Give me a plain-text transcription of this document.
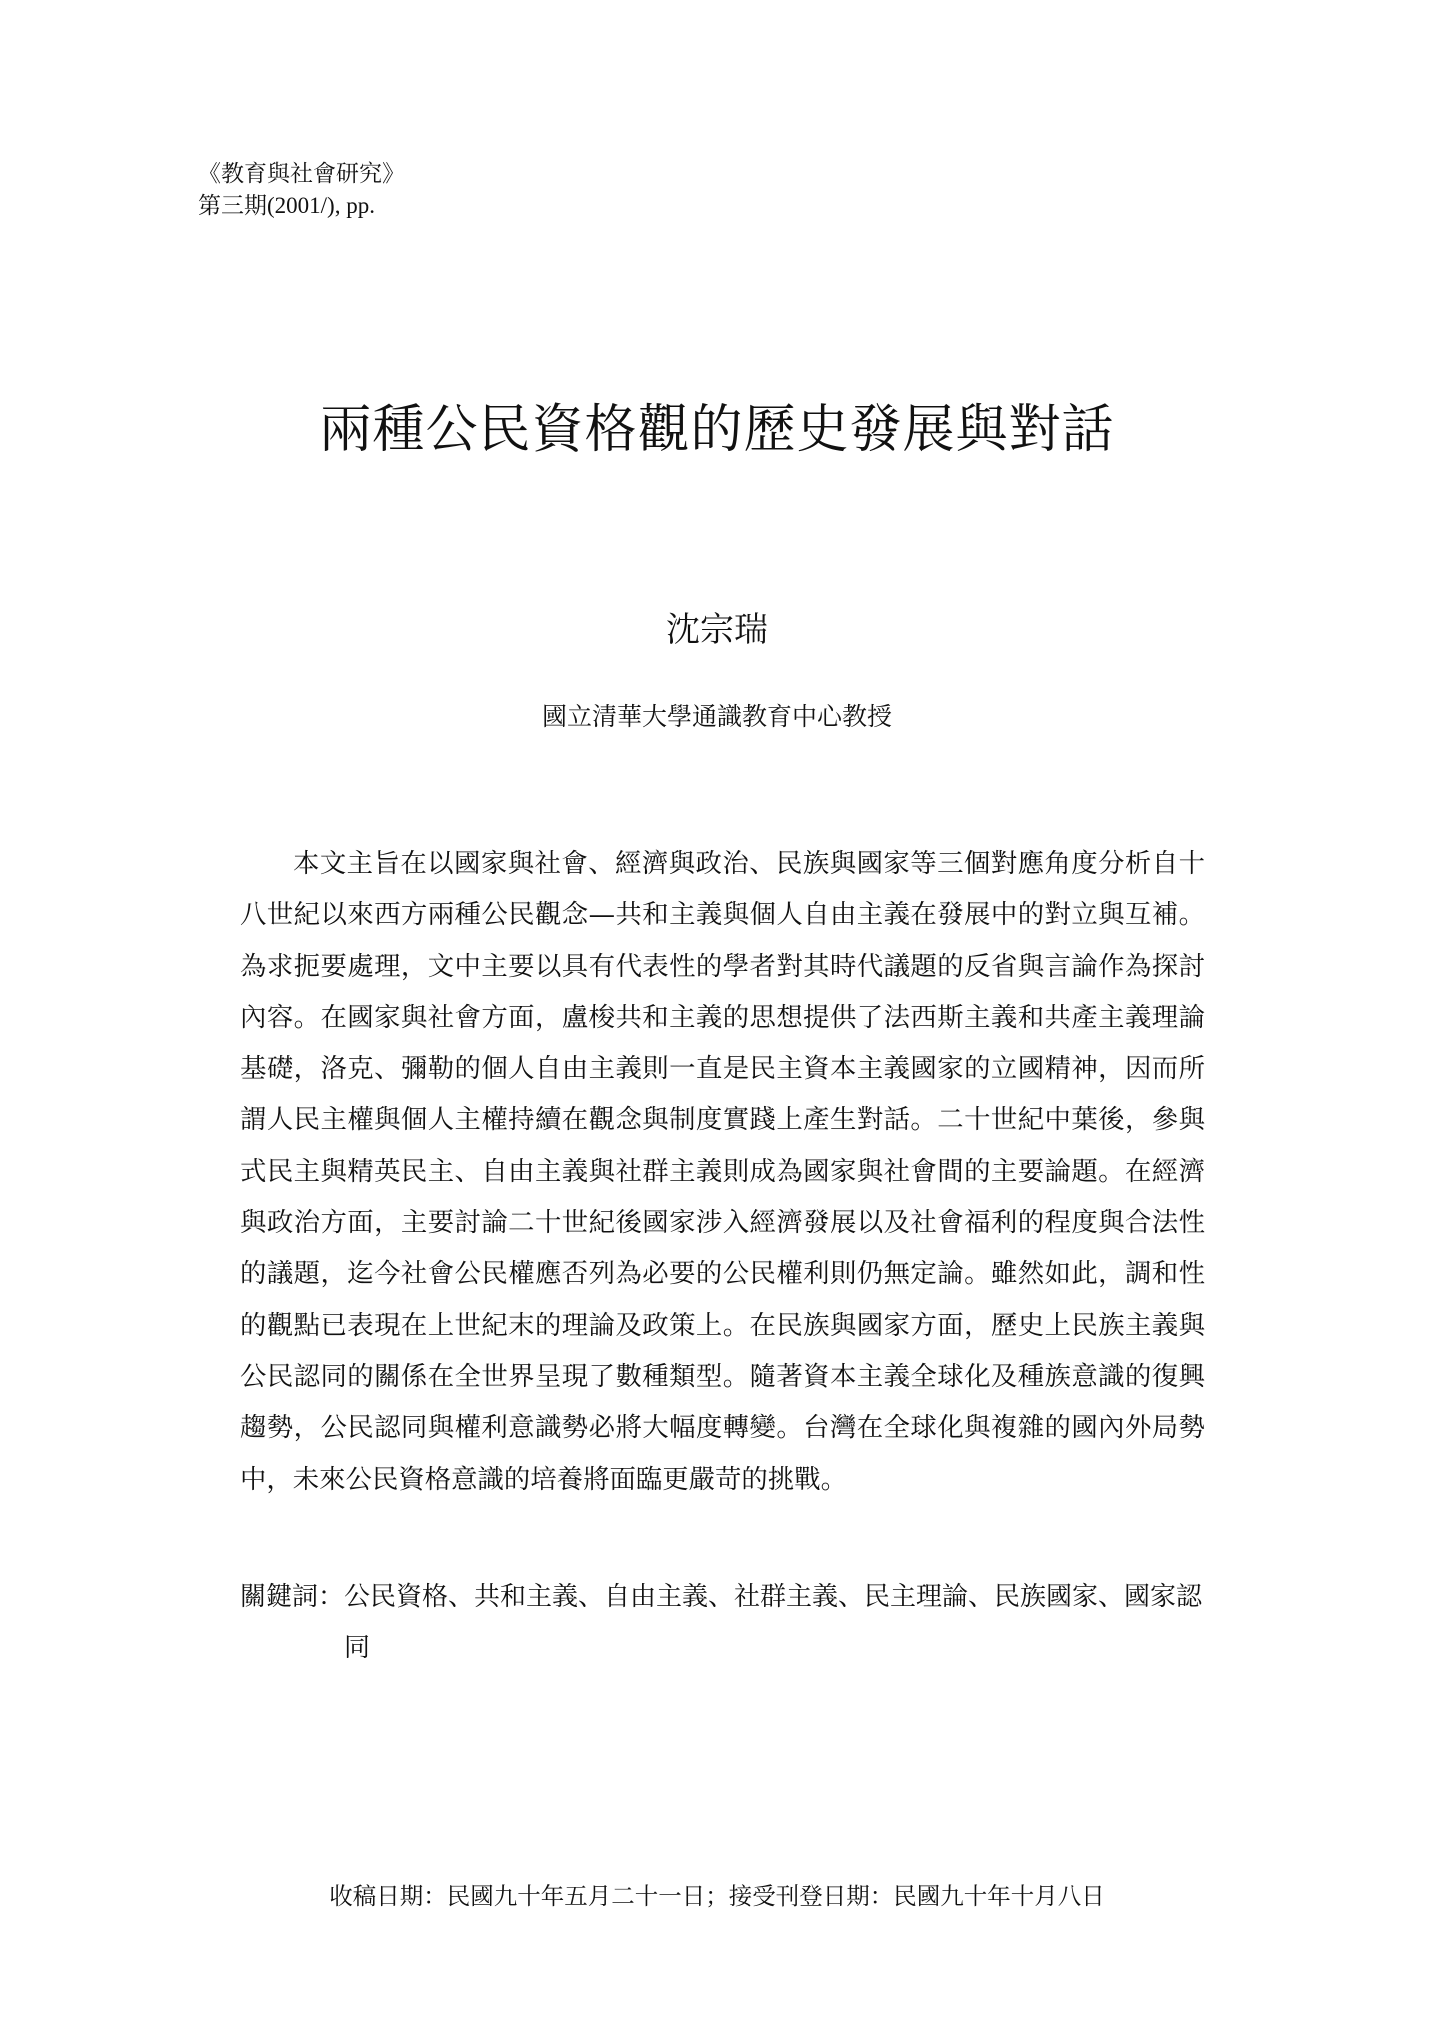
《教育與社會研究》
第三期(2001/), pp.
兩種公民資格觀的歷史發展與對話
沈宗瑞
國立清華大學通識教育中心教授

本文主旨在以國家與社會、經濟與政治、民族與國家等三個對應角度分析自十八世紀以來西方兩種公民觀念—共和主義與個人自由主義在發展中的對立與互補。為求扼要處理，文中主要以具有代表性的學者對其時代議題的反省與言論作為探討內容。在國家與社會方面，盧梭共和主義的思想提供了法西斯主義和共產主義理論基礎，洛克、彌勒的個人自由主義則一直是民主資本主義國家的立國精神，因而所謂人民主權與個人主權持續在觀念與制度實踐上產生對話。二十世紀中葉後，參與式民主與精英民主、自由主義與社群主義則成為國家與社會間的主要論題。在經濟與政治方面，主要討論二十世紀後國家涉入經濟發展以及社會福利的程度與合法性的議題，迄今社會公民權應否列為必要的公民權利則仍無定論。雖然如此，調和性的觀點已表現在上世紀末的理論及政策上。在民族與國家方面，歷史上民族主義與公民認同的關係在全世界呈現了數種類型。隨著資本主義全球化及種族意識的復興趨勢，公民認同與權利意識勢必將大幅度轉變。台灣在全球化與複雜的國內外局勢中，未來公民資格意識的培養將面臨更嚴苛的挑戰。

關鍵詞： 公民資格、共和主義、自由主義、社群主義、民主理論、民族國家、國家認同
收稿日期：民國九十年五月二十一日；接受刊登日期：民國九十年十月八日
